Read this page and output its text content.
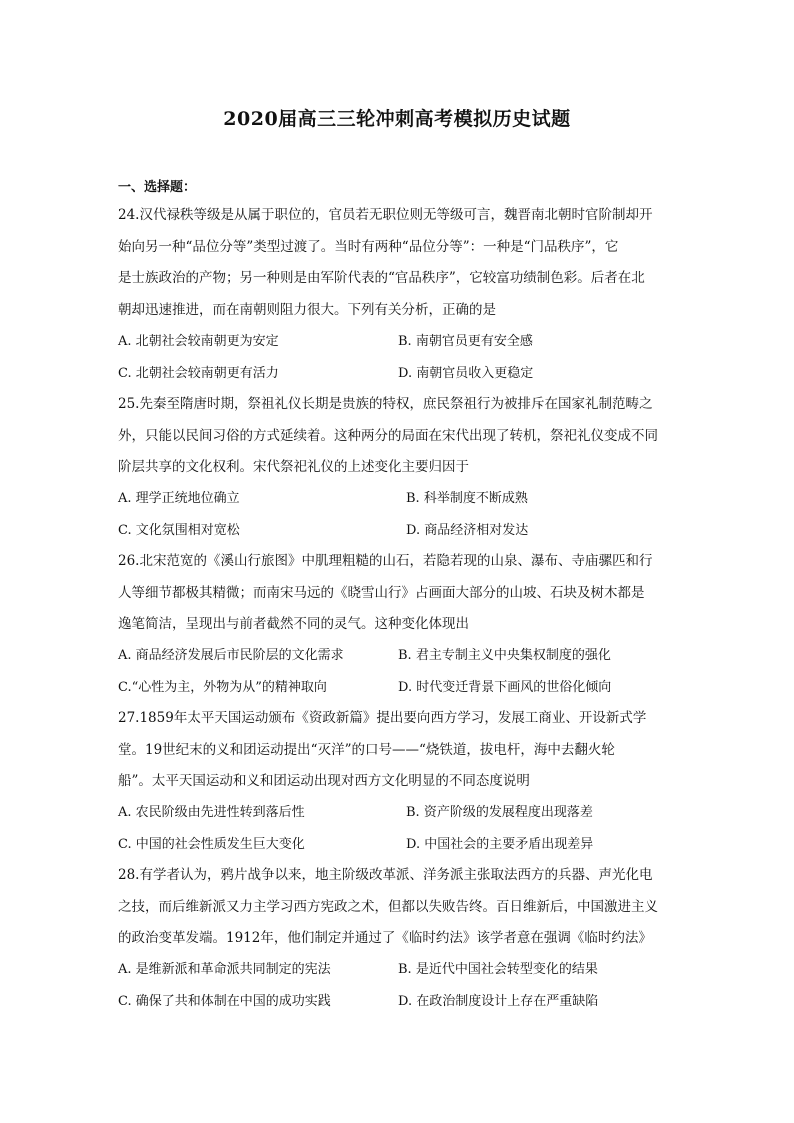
2020届高三三轮冲刺高考模拟历史试题
一、选择题：

24.汉代禄秩等级是从属于职位的，官员若无职位则无等级可言，魏晋南北朝时官阶制却开

始向另一种“品位分等”类型过渡了。当时有两种“品位分等”：一种是“门品秩序”，它

是士族政治的产物；另一种则是由军阶代表的“官品秩序”，它较富功绩制色彩。后者在北

朝却迅速推进，而在南朝则阻力很大。下列有关分析，正确的是

A. 北朝社会较南朝更为安定	B. 南朝官员更有安全感
C. 北朝社会较南朝更有活力	D. 南朝官员收入更稳定

25.先秦至隋唐时期，祭祖礼仪长期是贵族的特权，庶民祭祖行为被排斥在国家礼制范畴之

外，只能以民间习俗的方式延续着。这种两分的局面在宋代出现了转机，祭祀礼仪变成不同

阶层共享的文化权利。宋代祭祀礼仪的上述变化主要归因于

A. 理学正统地位确立	B. 科举制度不断成熟
C. 文化氛围相对宽松	D. 商品经济相对发达

26.北宋范宽的《溪山行旅图》中肌理粗糙的山石，若隐若现的山泉、瀑布、寺庙骡匹和行

人等细节都极其精微；而南宋马远的《晓雪山行》占画面大部分的山坡、石块及树木都是

逸笔简洁，呈现出与前者截然不同的灵气。这种变化体现出

A. 商品经济发展后市民阶层的文化需求	B. 君主专制主义中央集权制度的强化
C.“心性为主，外物为从”的精神取向	D. 时代变迁背景下画风的世俗化倾向

27.1859年太平天国运动颁布《资政新篇》提出要向西方学习，发展工商业、开设新式学

堂。19世纪末的义和团运动提出“灭洋”的口号——“烧铁道，拔电杆，海中去翻火轮

船”。太平天国运动和义和团运动出现对西方文化明显的不同态度说明

A. 农民阶级由先进性转到落后性	B. 资产阶级的发展程度出现落差
C. 中国的社会性质发生巨大变化	D. 中国社会的主要矛盾出现差异

28.有学者认为，鸦片战争以来，地主阶级改革派、洋务派主张取法西方的兵器、声光化电

之技，而后维新派又力主学习西方宪政之术，但都以失败告终。百日维新后，中国激进主义

的政治变革发端。1912年，他们制定并通过了《临时约法》该学者意在强调《临时约法》

A. 是维新派和革命派共同制定的宪法	B. 是近代中国社会转型变化的结果
C. 确保了共和体制在中国的成功实践	D. 在政治制度设计上存在严重缺陷
